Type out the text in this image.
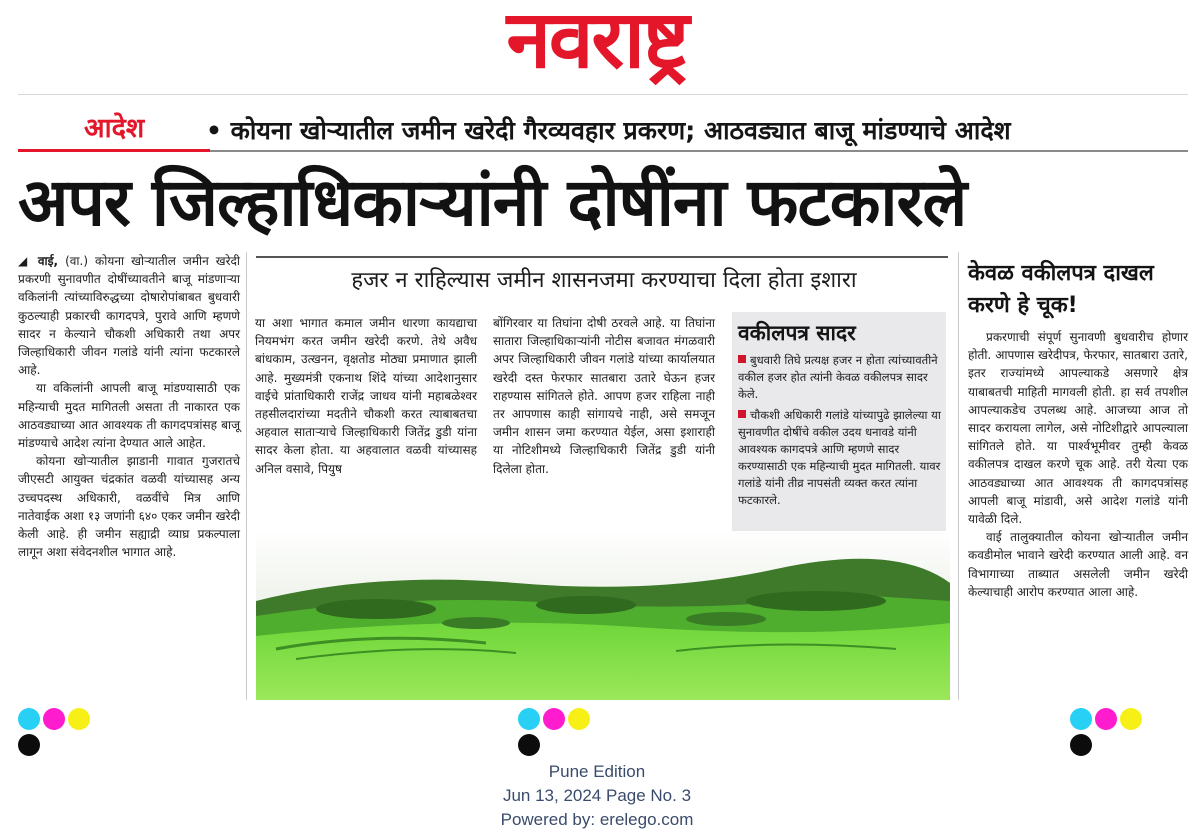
नवराष्ट्र
आदेश • कोयना खोऱ्यातील जमीन खरेदी गैरव्यवहार प्रकरण; आठवड्यात बाजू मांडण्याचे आदेश
अपर जिल्हाधिकाऱ्यांनी दोषींना फटकारले

◢ वाई, (वा.) कोयना खोऱ्यातील जमीन खरेदी प्रकरणी सुनावणीत दोषींच्यावतीने बाजू मांडणाऱ्या वकिलांनी त्यांच्याविरुद्धच्या दोषारोपांबाबत बुधवारी कुठल्याही प्रकारची कागदपत्रे, पुरावे आणि म्हणणे सादर न केल्याने चौकशी अधिकारी तथा अपर जिल्हाधिकारी जीवन गलांडे यांनी त्यांना फटकारले आहे.

या वकिलांनी आपली बाजू मांडण्यासाठी एक महिन्याची मुदत मागितली असता ती नाकारत एक आठवड्याच्या आत आवश्यक ती कागदपत्रांसह बाजू मांडण्याचे आदेश त्यांना देण्यात आले आहेत.

कोयना खोऱ्यातील झाडानी गावात गुजरातचे जीएसटी आयुक्त चंद्रकांत वळवी यांच्यासह अन्य उच्चपदस्थ अधिकारी, वळवींचे मित्र आणि नातेवाईक अशा १३ जणांनी ६४० एकर जमीन खरेदी केली आहे. ही जमीन सह्याद्री व्याघ्र प्रकल्पाला लागून अशा संवेदनशील भागात आहे.

हजर न राहिल्यास जमीन शासनजमा करण्याचा दिला होता इशारा

या अशा भागात कमाल जमीन धारणा कायद्याचा नियमभंग करत जमीन खरेदी करणे. तेथे अवैध बांधकाम, उत्खनन, वृक्षतोड मोठ्या प्रमाणात झाली आहे. मुख्यमंत्री एकनाथ शिंदे यांच्या आदेशानुसार वाईचे प्रांताधिकारी राजेंद्र जाधव यांनी महाबळेश्वर तहसीलदारांच्या मदतीने चौकशी करत त्याबाबतचा अहवाल साताऱ्याचे जिल्हाधिकारी जितेंद्र डुडी यांना सादर केला होता. या अहवालात वळवी यांच्यासह अनिल वसावे, पियुष

बोंगिरवार या तिघांना दोषी ठरवले आहे. या तिघांना सातारा जिल्हाधिकाऱ्यांनी नोटीस बजावत मंगळवारी अपर जिल्हाधिकारी जीवन गलांडे यांच्या कार्यालयात खरेदी दस्त फेरफार सातबारा उतारे घेऊन हजर राहण्यास सांगितले होते. आपण हजर राहिला नाही तर आपणास काही सांगायचे नाही, असे समजून जमीन शासन जमा करण्यात येईल, असा इशाराही या नोटिशीमध्ये जिल्हाधिकारी जितेंद्र डुडी यांनी दिलेला होता.

वकीलपत्र सादर
बुधवारी तिघे प्रत्यक्ष हजर न होता त्यांच्यावतीने वकील हजर होत त्यांनी केवळ वकीलपत्र सादर केले.
चौकशी अधिकारी गलांडे यांच्यापुढे झालेल्या या सुनावणीत दोषींचे वकील उदय धनावडे यांनी आवश्यक कागदपत्रे आणि म्हणणे सादर करण्यासाठी एक महिन्याची मुदत मागितली. यावर गलांडे यांनी तीव्र नापसंती व्यक्त करत त्यांना फटकारले.
केवळ वकीलपत्र दाखल करणे हे चूक!

प्रकरणाची संपूर्ण सुनावणी बुधवारीच होणार होती. आपणास खरेदीपत्र, फेरफार, सातबारा उतारे, इतर राज्यांमध्ये आपल्याकडे असणारे क्षेत्र याबाबतची माहिती मागवली होती. हा सर्व तपशील आपल्याकडेच उपलब्ध आहे. आजच्या आज तो सादर करायला लागेल, असे नोटिशीद्वारे आपल्याला सांगितले होते. या पार्श्वभूमीवर तुम्ही केवळ वकीलपत्र दाखल करणे चूक आहे. तरी येत्या एक आठवड्याच्या आत आवश्यक ती कागदपत्रांसह आपली बाजू मांडावी, असे आदेश गलांडे यांनी यावेळी दिले.

वाई तालुक्यातील कोयना खोऱ्यातील जमीन कवडीमोल भावाने खरेदी करण्यात आली आहे. वन विभागाच्या ताब्यात असलेली जमीन खरेदी केल्याचाही आरोप करण्यात आला आहे.

Pune Edition
Jun 13, 2024 Page No. 3
Powered by: erelego.com
